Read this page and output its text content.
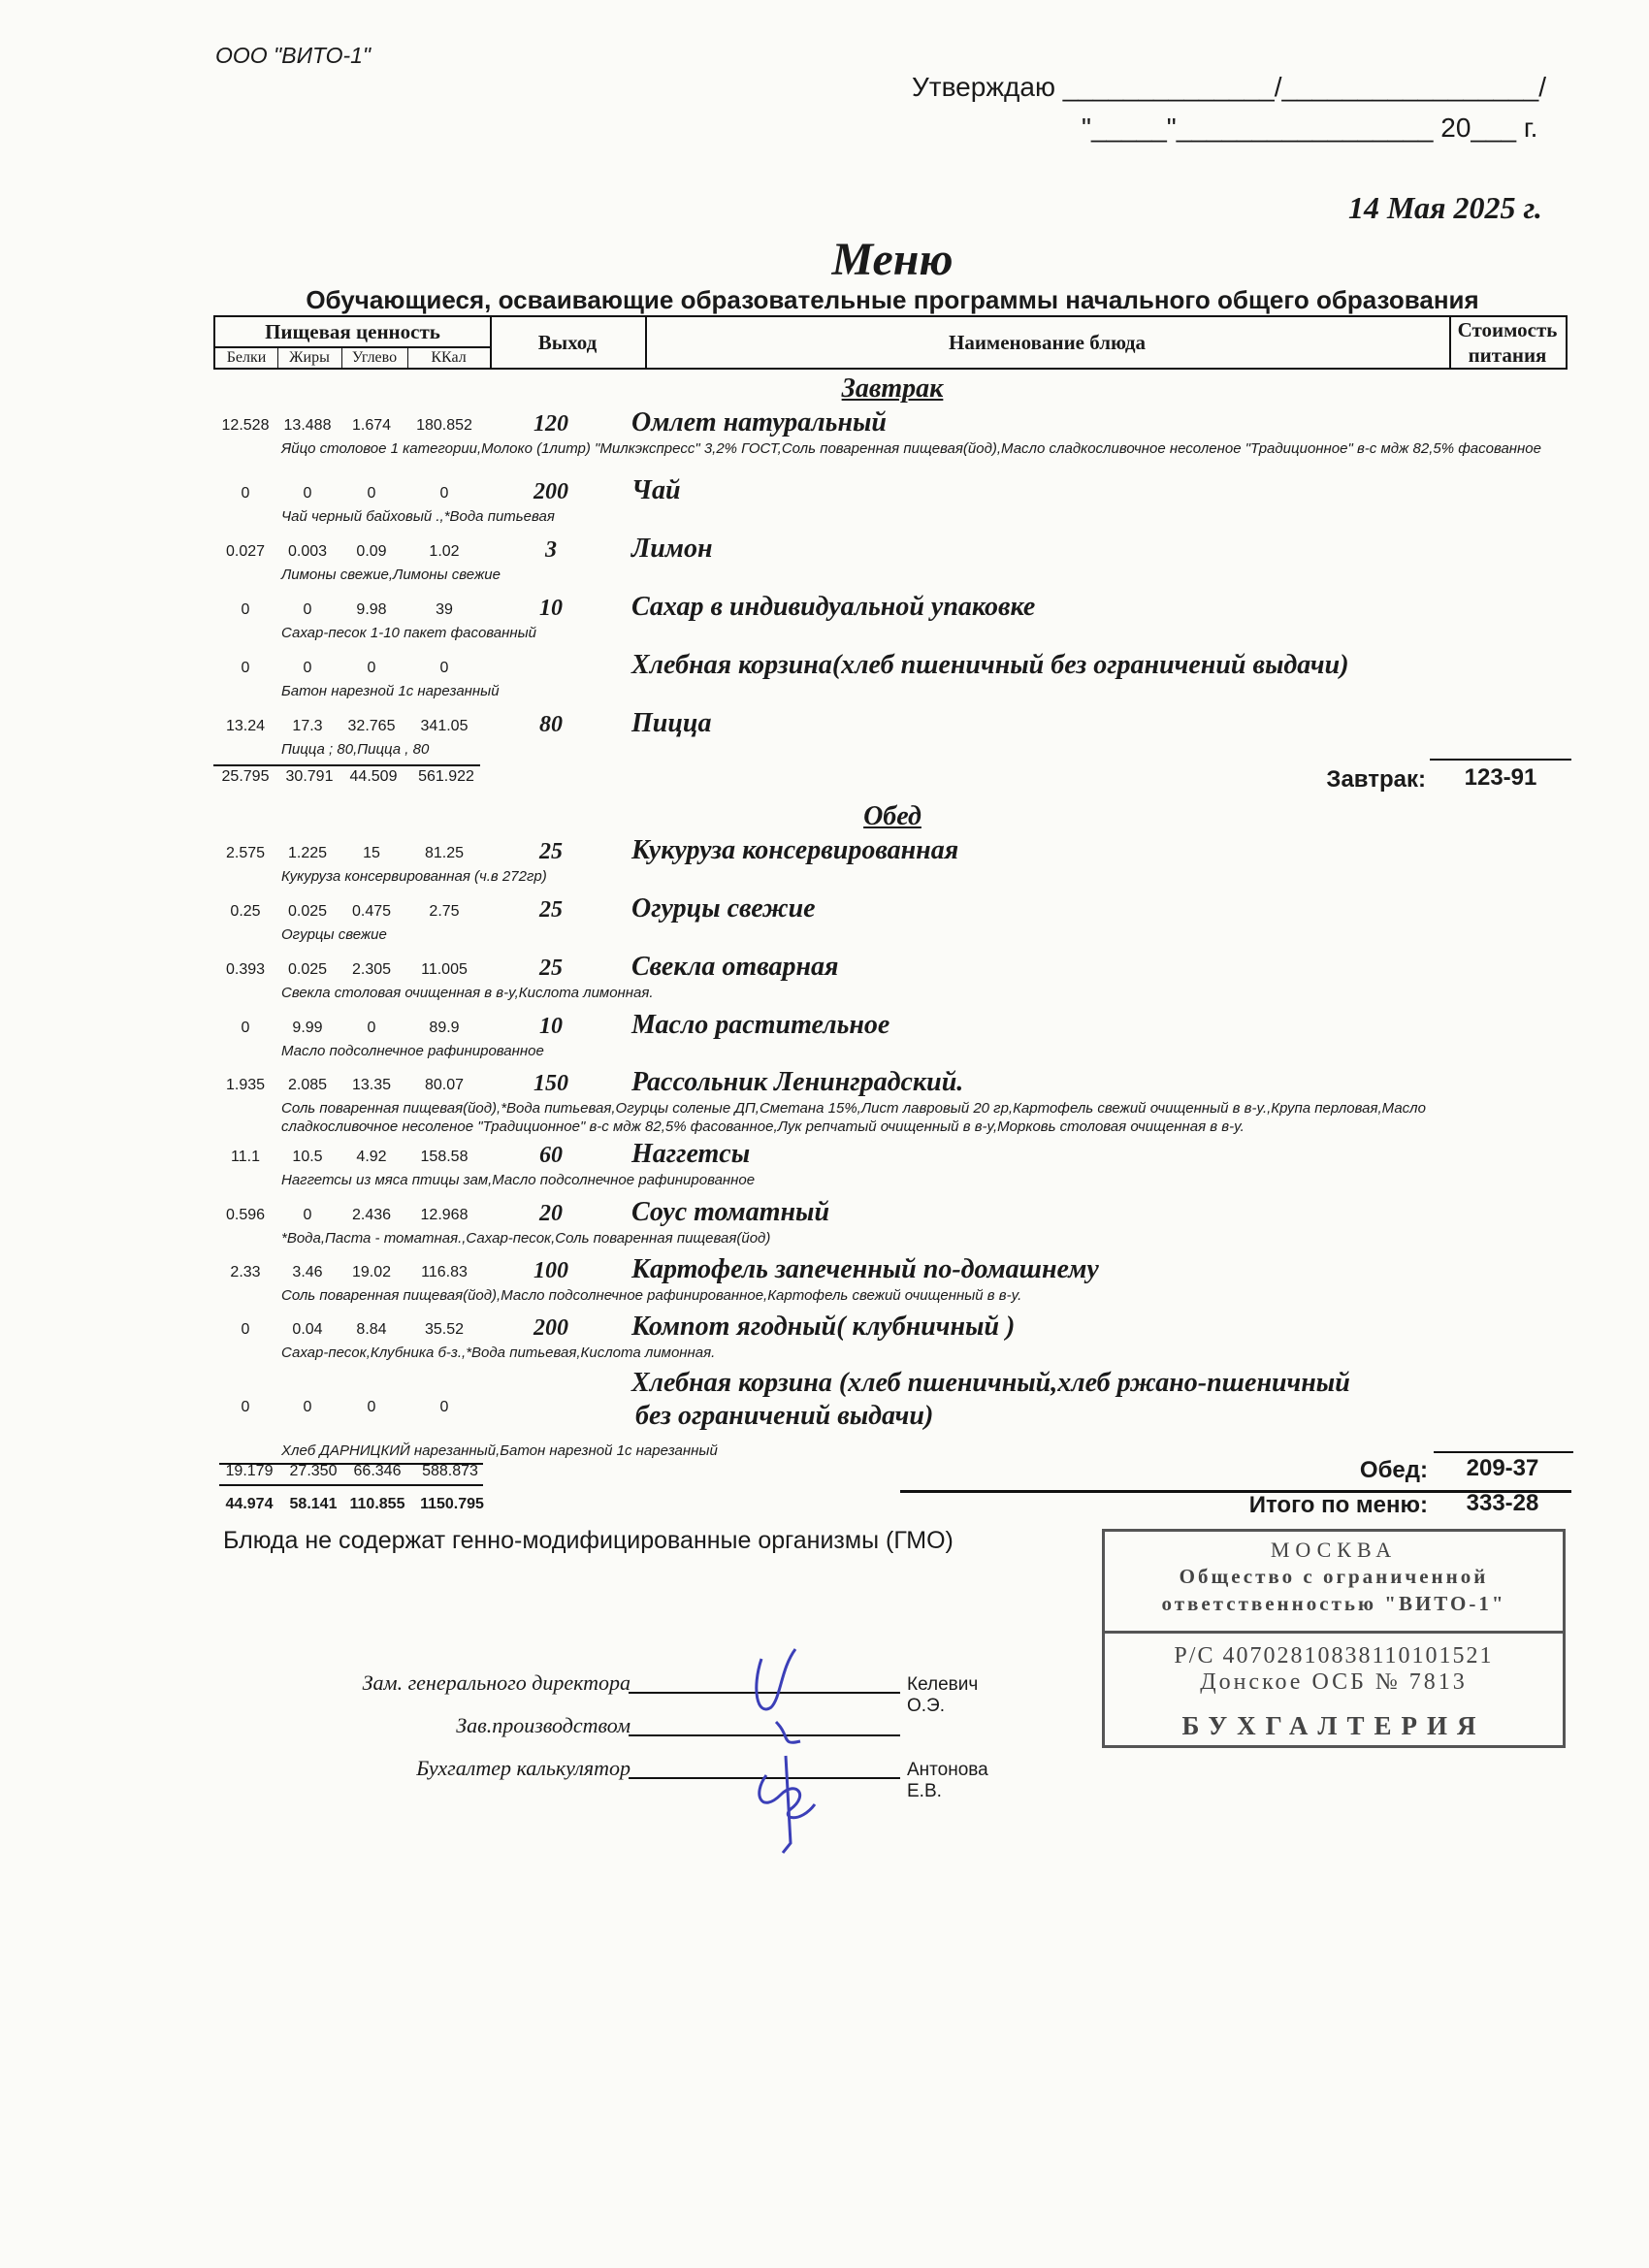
ООО "ВИТО-1"
Утверждаю ______________/_________________/
"_____"_________________ 20___ г.
14 Мая 2025 г.
Меню
Обучающиеся, осваивающие образовательные программы начального общего образования
Пищевая ценность
Белки	Жиры	Углево	ККал
Выход	Наименование блюда
Стоимость питания
Завтрак
12.528 13.488	1.674	180.852	120	Омлет натуральный
Яйцо столовое 1 категории,Молоко (1литр) "Милкэкспресс" 3,2% ГОСТ,Соль поваренная пищевая(йод),Масло сладкосливочное несоленое "Традиционное" в-с мдж 82,5% фасованное
0	0	0	0	200	Чай
Чай черный байховый .,*Вода питьевая
0.027	0.003	0.09	1.02	3	Лимон
Лимоны свежие,Лимоны свежие
0	0	9.98	39	10	Сахар в индивидуальной упаковке
Сахар-песок 1-10 пакет фасованный
0	0	0	0	Хлебная корзина(хлеб пшеничный без ограничений выдачи)
Батон нарезной 1с нарезанный
13.24	17.3	32.765	341.05	80	Пицца
Пицца ; 80,Пицца , 80
Обед
2.575	1.225	15	81.25	25	Кукуруза консервированная
Кукуруза консервированная (ч.в 272гр)
0.25	0.025	0.475	2.75	25	Огурцы свежие
Огурцы свежие
0.393	0.025	2.305	11.005	25	Свекла отварная
Свекла столовая очищенная в в-у,Кислота лимонная.
0	9.99	0	89.9	10	Масло растительное
Масло подсолнечное рафинированное
1.935	2.085	13.35	80.07	150	Рассольник Ленинградский.
Соль поваренная пищевая(йод),*Вода питьевая,Огурцы соленые ДП,Сметана 15%,Лист лавровый 20 гр,Картофель свежий очищенный в в-у.,Крупа перловая,Масло сладкосливочное несоленое "Традиционное" в-с мдж 82,5% фасованное,Лук репчатый очищенный в в-у,Морковь столовая очищенная в в-у.
11.1	10.5	4.92	158.58	60	Наггетсы
Наггетсы из мяса птицы зам,Масло подсолнечное рафинированное
0.596	0	2.436	12.968	20	Соус томатный
*Вода,Паста - томатная.,Сахар-песок,Соль поваренная пищевая(йод)
2.33	3.46	19.02	116.83	100	Картофель запеченный по-домашнему
Соль поваренная пищевая(йод),Масло подсолнечное рафинированное,Картофель свежий очищенный в в-у.
0	0.04	8.84	35.52	200	Компот ягодный( клубничный )
Сахар-песок,Клубника б-з.,*Вода питьевая,Кислота лимонная.
0	0	0	0
Хлебная корзина (хлеб пшеничный,хлеб ржано-пшеничный
без ограничений выдачи)
Хлеб ДАРНИЦКИЙ нарезанный,Батон нарезной 1с нарезанный
25.795	30.791	44.509	561.922	Завтрак:	123-91
19.179	27.350	66.346	588.873	Обед:	209-37
44.974	58.141 110.855 1150.795	Итого по меню:	333-28
Блюда не содержат генно-модифицированные организмы (ГМО)
Зам. генерального директора	Келевич О.Э.
Зав.производством
Бухгалтер калькулятор	Антонова Е.В.
МОСКВА
Общество с ограниченной
ответственностью "ВИТО-1"
Р/С 40702810838110101521
Донское ОСБ № 7813
БУХГАЛТЕРИЯ
